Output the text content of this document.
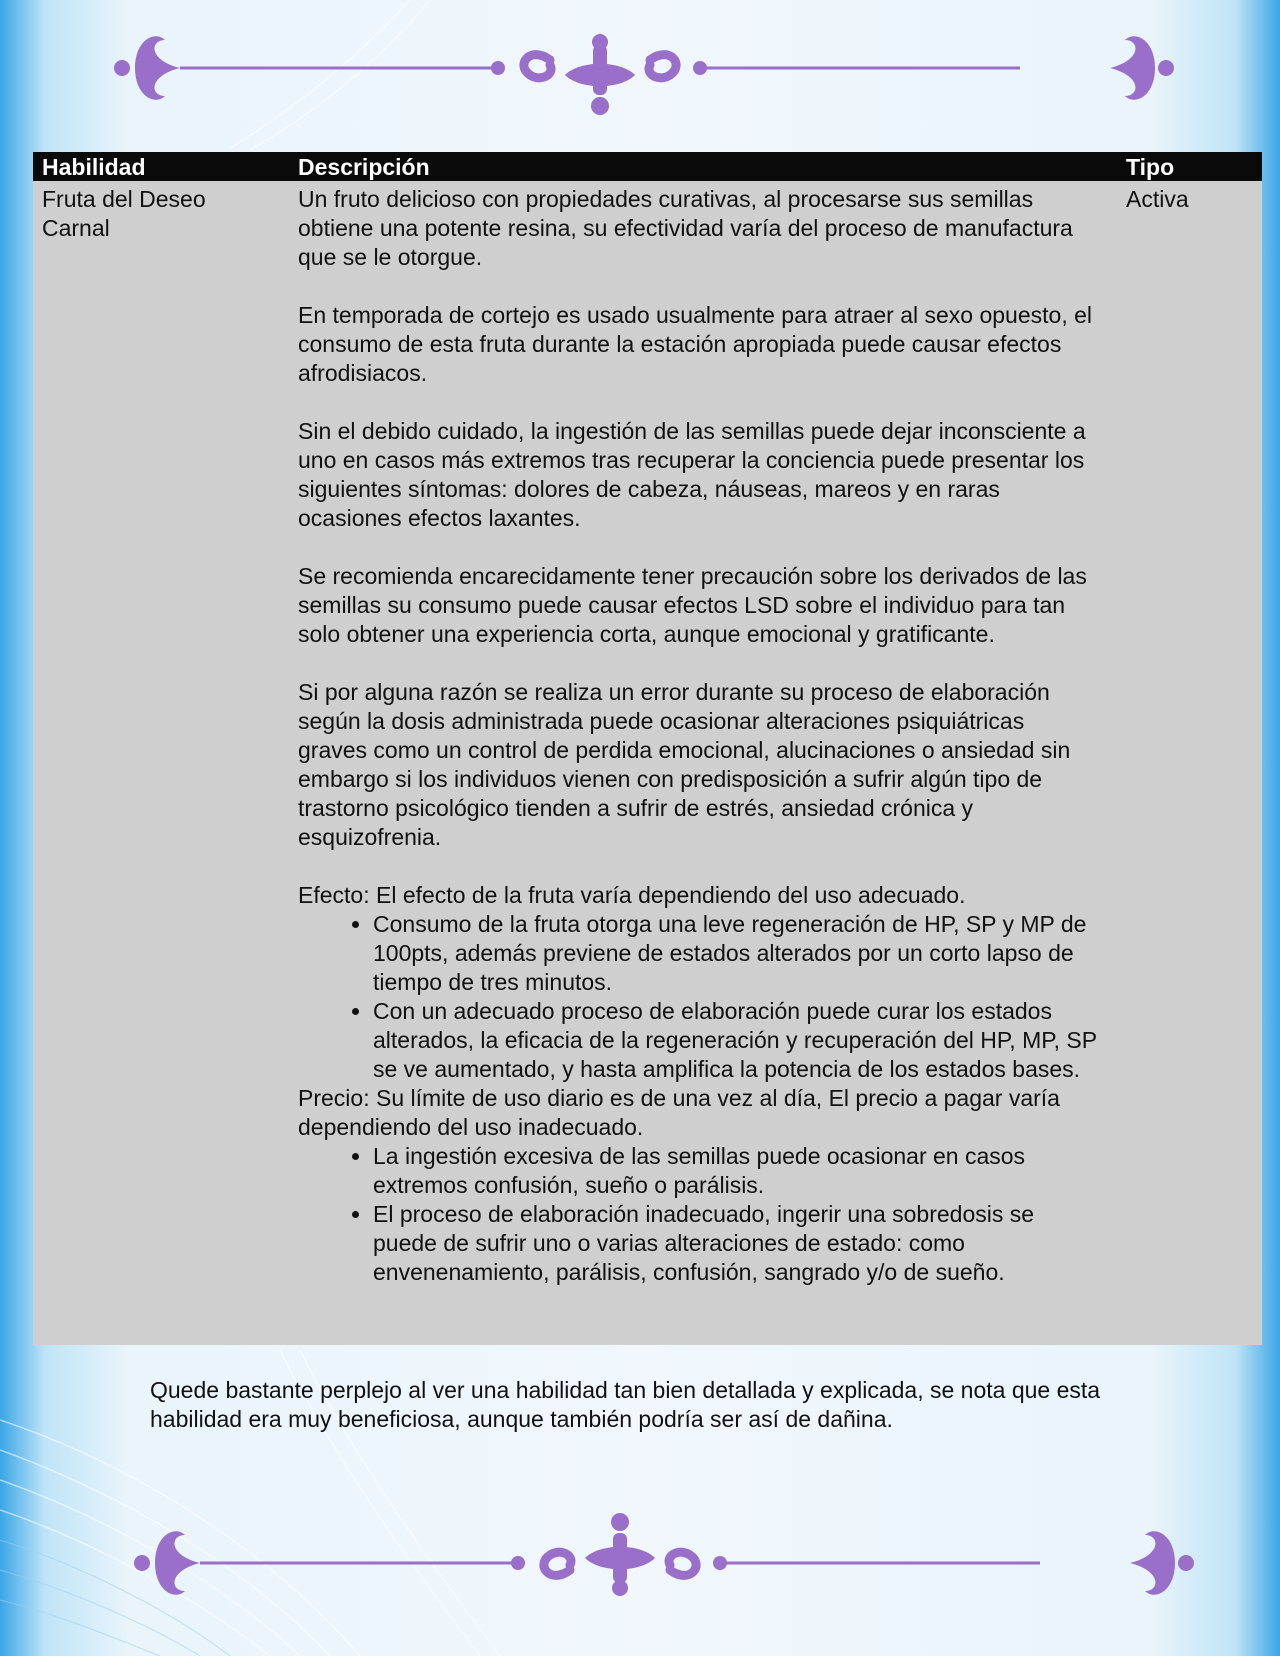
Habilidad	Descripción	Tipo
Fruta del Deseo Carnal

Un fruto delicioso con propiedades curativas, al procesarse sus semillas obtiene una potente resina, su efectividad varía del proceso de manufactura que se le otorgue.

En temporada de cortejo es usado usualmente para atraer al sexo opuesto, el consumo de esta fruta durante la estación apropiada puede causar efectos afrodisiacos.

Sin el debido cuidado, la ingestión de las semillas puede dejar inconsciente a uno en casos más extremos tras recuperar la conciencia puede presentar los siguientes síntomas: dolores de cabeza, náuseas, mareos y en raras ocasiones efectos laxantes.

Se recomienda encarecidamente tener precaución sobre los derivados de las semillas su consumo puede causar efectos LSD sobre el individuo para tan solo obtener una experiencia corta, aunque emocional y gratificante.

Si por alguna razón se realiza un error durante su proceso de elaboración según la dosis administrada puede ocasionar alteraciones psiquiátricas graves como un control de perdida emocional, alucinaciones o ansiedad sin embargo si los individuos vienen con predisposición a sufrir algún tipo de trastorno psicológico tienden a sufrir de estrés, ansiedad crónica y esquizofrenia.

Efecto: El efecto de la fruta varía dependiendo del uso adecuado.

• Consumo de la fruta otorga una leve regeneración de HP, SP y MP de 100pts, además previene de estados alterados por un corto lapso de tiempo de tres minutos.
• Con un adecuado proceso de elaboración puede curar los estados alterados, la eficacia de la regeneración y recuperación del HP, MP, SP se ve aumentado, y hasta amplifica la potencia de los estados bases.

Precio: Su límite de uso diario es de una vez al día, El precio a pagar varía dependiendo del uso inadecuado.

• La ingestión excesiva de las semillas puede ocasionar en casos extremos confusión, sueño o parálisis.
• El proceso de elaboración inadecuado, ingerir una sobredosis se puede de sufrir uno o varias alteraciones de estado: como envenenamiento, parálisis, confusión, sangrado y/o de sueño.
Activa
Quede bastante perplejo al ver una habilidad tan bien detallada y explicada, se nota que esta habilidad era muy beneficiosa, aunque también podría ser así de dañina.
